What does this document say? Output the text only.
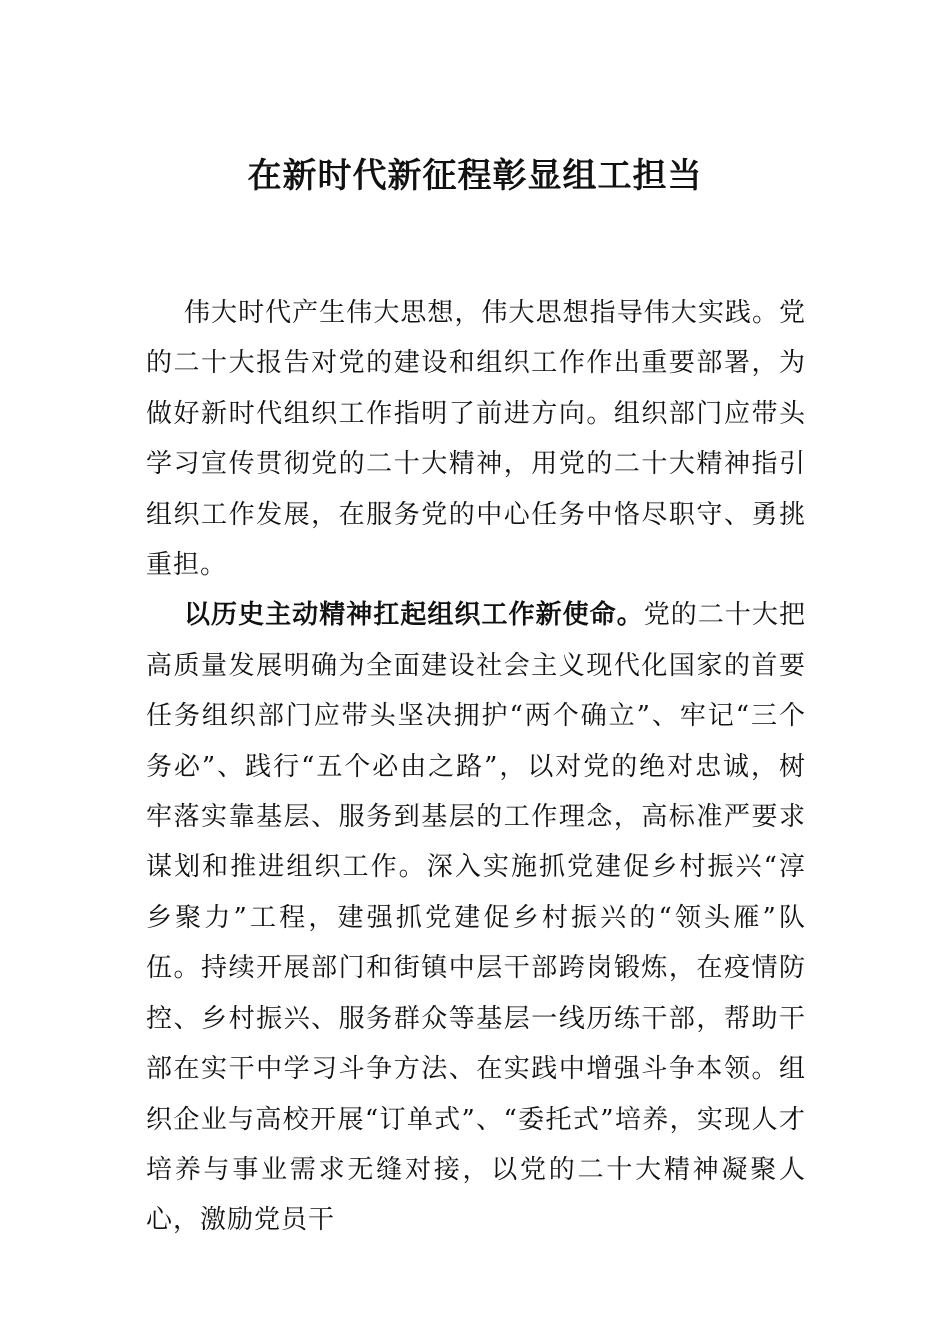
在新时代新征程彰显组工担当

伟大时代产生伟大思想，伟大思想指导伟大实践。党的二十大报告对党的建设和组织工作作出重要部署，为做好新时代组织工作指明了前进方向。组织部门应带头学习宣传贯彻党的二十大精神，用党的二十大精神指引组织工作发展，在服务党的中心任务中恪尽职守、勇挑重担。

以历史主动精神扛起组织工作新使命。党的二十大把高质量发展明确为全面建设社会主义现代化国家的首要任务组织部门应带头坚决拥护“两个确立”、牢记“三个务必”、践行“五个必由之路”，以对党的绝对忠诚，树牢落实靠基层、服务到基层的工作理念，高标准严要求谋划和推进组织工作。深入实施抓党建促乡村振兴“淳乡聚力”工程，建强抓党建促乡村振兴的“领头雁”队伍。持续开展部门和街镇中层干部跨岗锻炼，在疫情防控、乡村振兴、服务群众等基层一线历练干部，帮助干部在实干中学习斗争方法、在实践中增强斗争本领。组织企业与高校开展“订单式”、“委托式”培养，实现人才培养与事业需求无缝对接，以党的二十大精神凝聚人心，激励党员干
